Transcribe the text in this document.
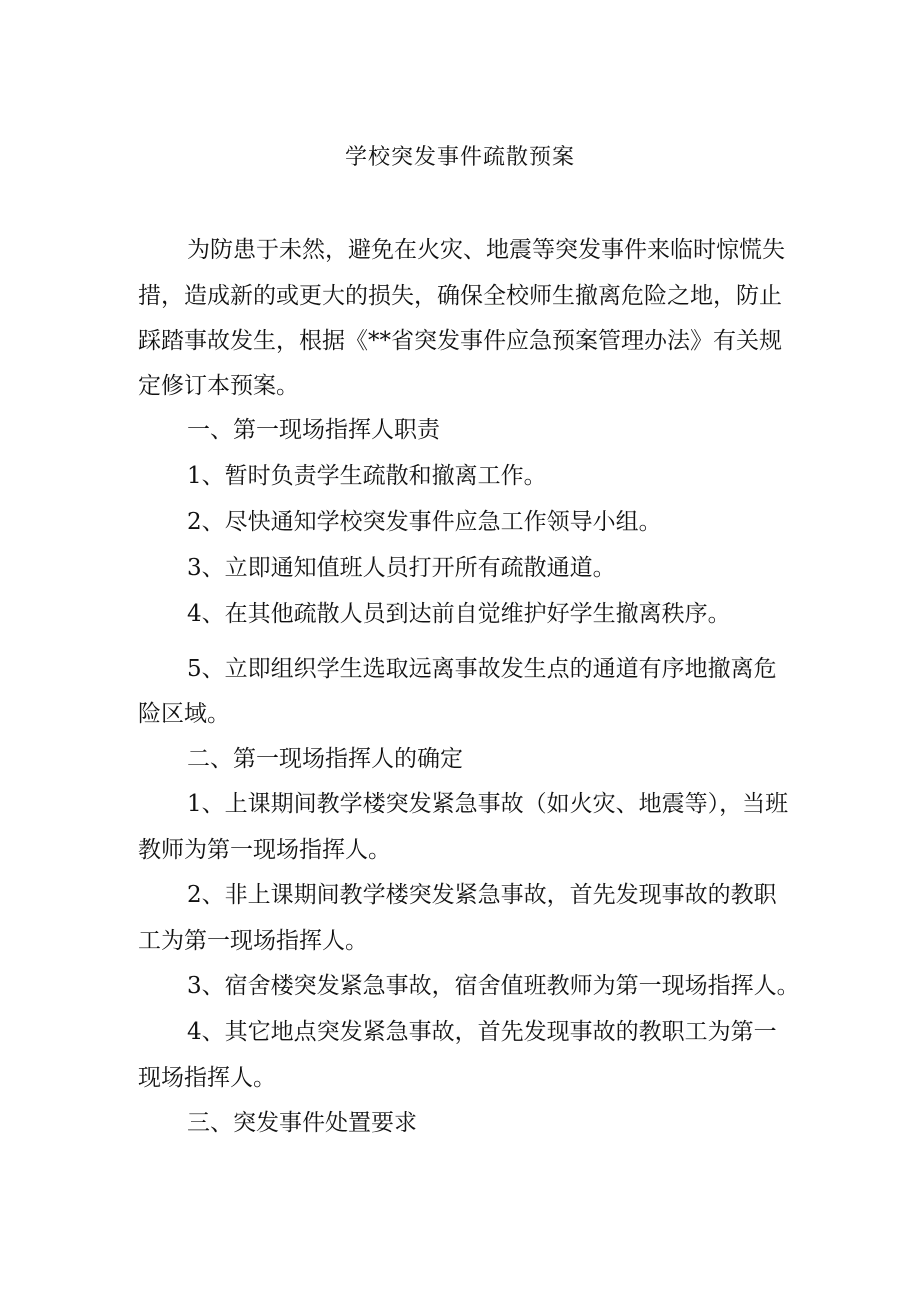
学校突发事件疏散预案
为防患于未然，避免在火灾、地震等突发事件来临时惊慌失
措，造成新的或更大的损失，确保全校师生撤离危险之地，防止
踩踏事故发生，根据《**省突发事件应急预案管理办法》有关规
定修订本预案。
一、第一现场指挥人职责
1、暂时负责学生疏散和撤离工作。
2、尽快通知学校突发事件应急工作领导小组。
3、立即通知值班人员打开所有疏散通道。
4、在其他疏散人员到达前自觉维护好学生撤离秩序。
5、立即组织学生选取远离事故发生点的通道有序地撤离危
险区域。
二、第一现场指挥人的确定
1、上课期间教学楼突发紧急事故（如火灾、地震等），当班
教师为第一现场指挥人。
2、非上课期间教学楼突发紧急事故，首先发现事故的教职
工为第一现场指挥人。
3、宿舍楼突发紧急事故，宿舍值班教师为第一现场指挥人。
4、其它地点突发紧急事故，首先发现事故的教职工为第一
现场指挥人。
三、突发事件处置要求
